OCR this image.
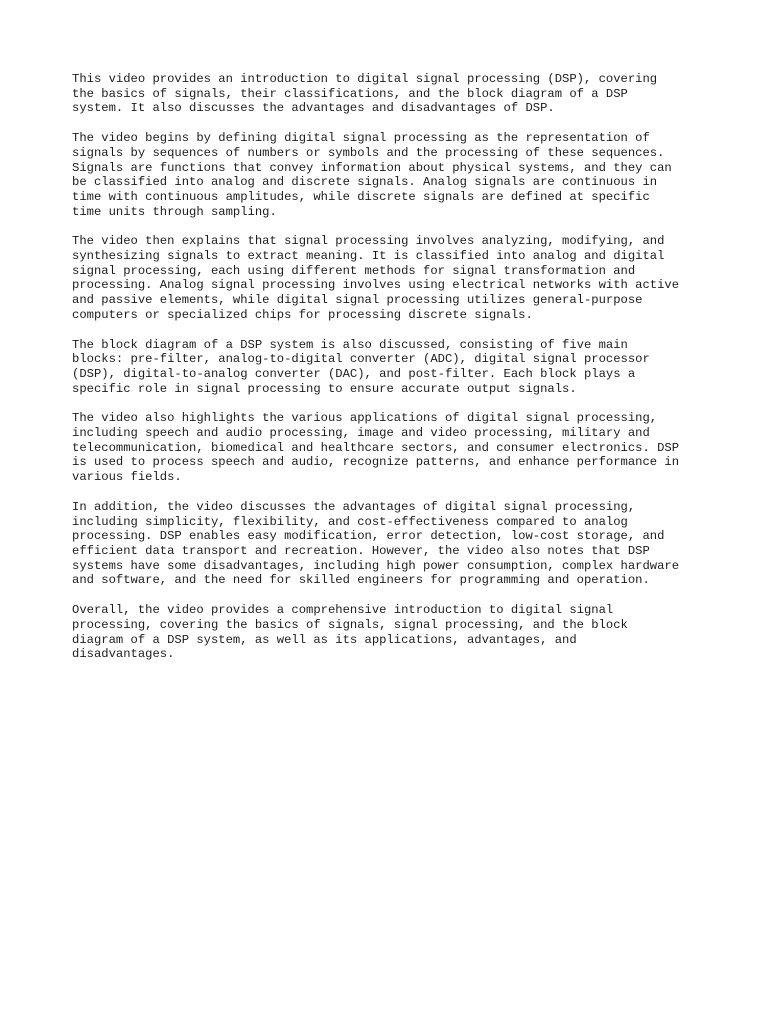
This video provides an introduction to digital signal processing (DSP), covering
the basics of signals, their classifications, and the block diagram of a DSP
system. It also discusses the advantages and disadvantages of DSP.

The video begins by defining digital signal processing as the representation of
signals by sequences of numbers or symbols and the processing of these sequences.
Signals are functions that convey information about physical systems, and they can
be classified into analog and discrete signals. Analog signals are continuous in
time with continuous amplitudes, while discrete signals are defined at specific
time units through sampling.

The video then explains that signal processing involves analyzing, modifying, and
synthesizing signals to extract meaning. It is classified into analog and digital
signal processing, each using different methods for signal transformation and
processing. Analog signal processing involves using electrical networks with active
and passive elements, while digital signal processing utilizes general-purpose
computers or specialized chips for processing discrete signals.

The block diagram of a DSP system is also discussed, consisting of five main
blocks: pre-filter, analog-to-digital converter (ADC), digital signal processor
(DSP), digital-to-analog converter (DAC), and post-filter. Each block plays a
specific role in signal processing to ensure accurate output signals.

The video also highlights the various applications of digital signal processing,
including speech and audio processing, image and video processing, military and
telecommunication, biomedical and healthcare sectors, and consumer electronics. DSP
is used to process speech and audio, recognize patterns, and enhance performance in
various fields.

In addition, the video discusses the advantages of digital signal processing,
including simplicity, flexibility, and cost-effectiveness compared to analog
processing. DSP enables easy modification, error detection, low-cost storage, and
efficient data transport and recreation. However, the video also notes that DSP
systems have some disadvantages, including high power consumption, complex hardware
and software, and the need for skilled engineers for programming and operation.

Overall, the video provides a comprehensive introduction to digital signal
processing, covering the basics of signals, signal processing, and the block
diagram of a DSP system, as well as its applications, advantages, and
disadvantages.
